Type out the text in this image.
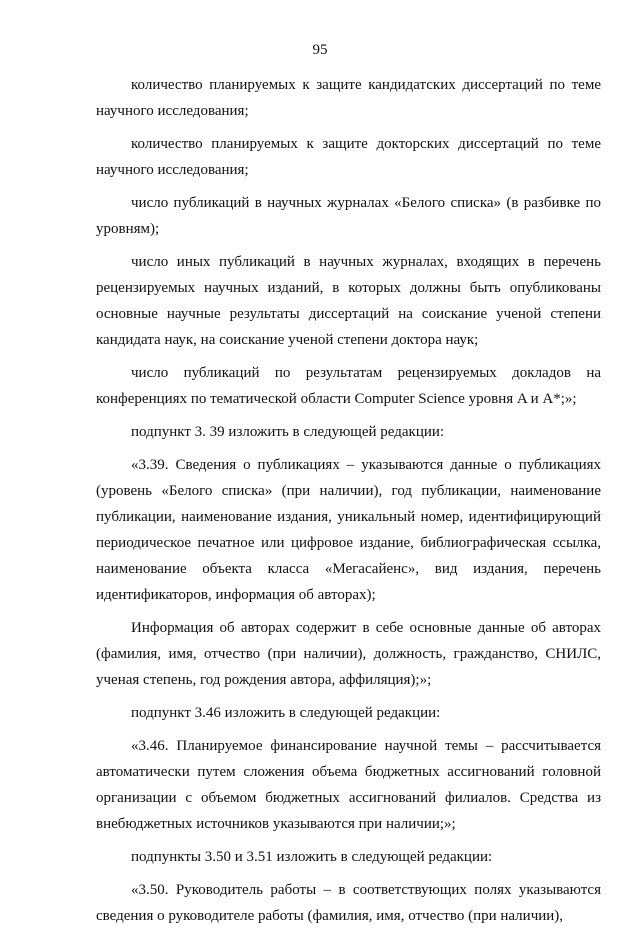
95

количество планируемых к защите кандидатских диссертаций по теме научного исследования;

количество планируемых к защите докторских диссертаций по теме научного исследования;

число публикаций в научных журналах «Белого списка» (в разбивке по уровням);

число иных публикаций в научных журналах, входящих в перечень рецензируемых научных изданий, в которых должны быть опубликованы основные научные результаты диссертаций на соискание ученой степени кандидата наук, на соискание ученой степени доктора наук;

число публикаций по результатам рецензируемых докладов на конференциях по тематической области Computer Science уровня A и A*;»;

подпункт 3. 39 изложить в следующей редакции:

«3.39. Сведения о публикациях – указываются данные о публикациях (уровень «Белого списка» (при наличии), год публикации, наименование публикации, наименование издания, уникальный номер, идентифицирующий периодическое печатное или цифровое издание, библиографическая ссылка, наименование объекта класса «Мегасайенс», вид издания, перечень идентификаторов, информация об авторах);

Информация об авторах содержит в себе основные данные об авторах (фамилия, имя, отчество (при наличии), должность, гражданство, СНИЛС, ученая степень, год рождения автора, аффиляция);»;

подпункт 3.46 изложить в следующей редакции:

«3.46. Планируемое финансирование научной темы – рассчитывается автоматически путем сложения объема бюджетных ассигнований головной организации с объемом бюджетных ассигнований филиалов. Средства из внебюджетных источников указываются при наличии;»;

подпункты 3.50 и 3.51 изложить в следующей редакции:

«3.50. Руководитель работы – в соответствующих полях указываются сведения о руководителе работы (фамилия, имя, отчество (при наличии),
